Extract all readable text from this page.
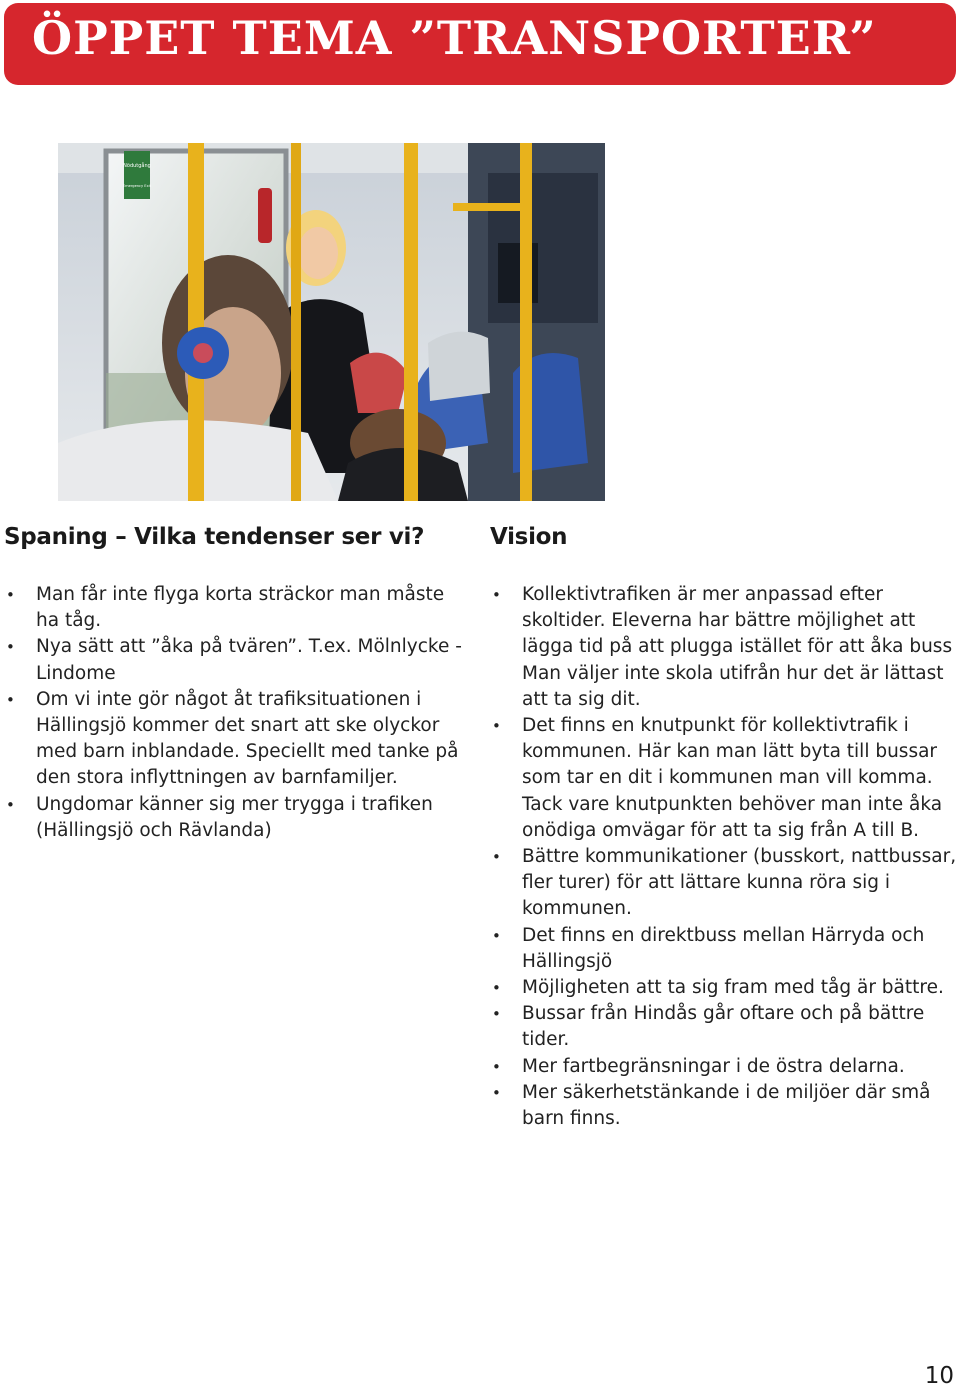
ÖPPET TEMA ”TRANSPORTER”
Nödutgång
Emergency Exit
Spaning – Vilka tendenser ser vi?
• Man får inte flyga korta sträckor man måste ha tåg.
• Nya sätt att ”åka på tvären”. T.ex. Mölnlycke - Lindome
• Om vi inte gör något åt trafiksituationen i Hällingsjö kommer det snart att ske olyckor med barn inblandade. Speciellt med tanke på den stora inflyttningen av barnfamiljer.
• Ungdomar känner sig mer trygga i trafiken (Hällingsjö och Rävlanda)
Vision
• Kollektivtrafiken är mer anpassad efter skoltider. Eleverna har bättre möjlighet att lägga tid på att plugga istället för att åka buss Man väljer inte skola utifrån hur det är lättast att ta sig dit.
• Det finns en knutpunkt för kollektivtrafik i kommunen. Här kan man lätt byta till bussar som tar en dit i kommunen man vill komma. Tack vare knutpunkten behöver man inte åka onödiga omvägar för att ta sig från A till B.
• Bättre kommunikationer (busskort, nattbussar, fler turer) för att lättare kunna röra sig i kommunen.
• Det finns en direktbuss mellan Härryda och Hällingsjö
• Möjligheten att ta sig fram med tåg är bättre.
• Bussar från Hindås går oftare och på bättre tider.
• Mer fartbegränsningar i de östra delarna.
• Mer säkerhetstänkande i de miljöer där små barn finns.
10
